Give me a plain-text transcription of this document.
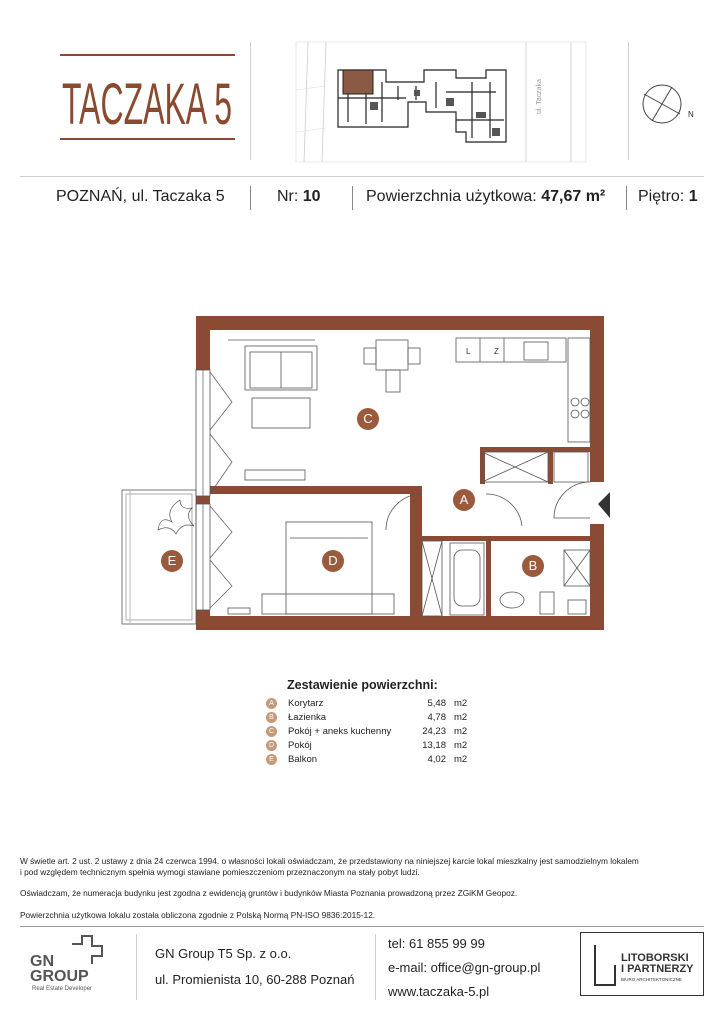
TACZAKA 5	ul. Taczaka
N
POZNAŃ, ul. Taczaka 5	Nr: 10	Powierzchnia użytkowa: 47,67 m² Piętro: 1
L	Z
A
B
C
D
E
Zestawienie powierzchni:
A	Korytarz	5,48 m2
B	Łazienka	4,78 m2
C	Pokój + aneks kuchenny	24,23 m2
D	Pokój	13,18 m2
E	Balkon	4,02 m2
W świetle art. 2 ust. 2 ustawy z dnia 24 czerwca 1994. o własności lokali oświadczam, że przedstawiony na niniejszej karcie lokal mieszkalny jest samodzielnym lokalem
i pod względem technicznym spełnia wymogi stawiane pomieszczeniom przeznaczonym na stały pobyt ludzi.
Oświadczam, że numeracja budynku jest zgodna z ewidencją gruntów i budynków Miasta Poznania prowadzoną przez ZGiKM Geopoz.
Powierzchnia użytkowa lokalu została obliczona zgodnie z Polską Normą PN-ISO 9836:2015-12.
GN
GROUP
Real Estate Developer
GN Group T5 Sp. z o.o.
ul. Promienista 10, 60-288 Poznań
tel: 61 855 99 99
e-mail: office@gn-group.pl
www.taczaka-5.pl
LITOBORSKI
I PARTNERZY
BIURO ARCHITEKTONICZNE
